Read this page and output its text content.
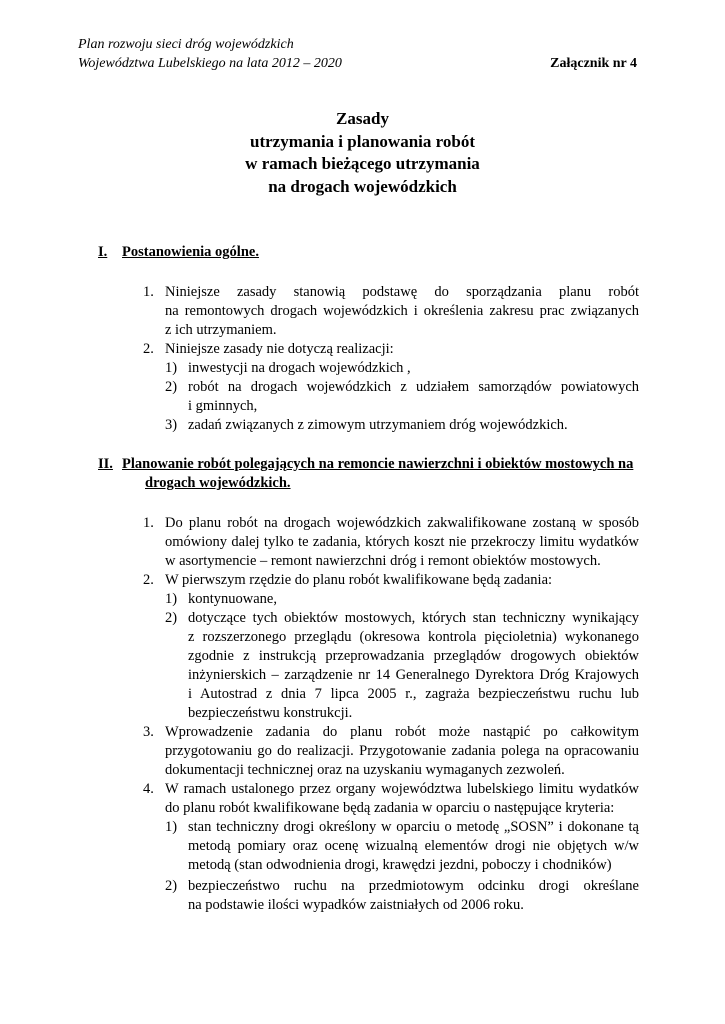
Plan rozwoju sieci dróg wojewódzkich
Województwa Lubelskiego na lata 2012 – 2020	Załącznik nr 4
Zasady
utrzymania i planowania robót
w ramach bieżącego utrzymania
na drogach wojewódzkich
I. Postanowienia ogólne.
1. Niniejsze zasady stanowią podstawę do sporządzania planu robót
na remontowych drogach wojewódzkich i określenia zakresu prac związanych
z ich utrzymaniem.
2. Niniejsze zasady nie dotyczą realizacji:
1) inwestycji na drogach wojewódzkich ,
2) robót na drogach wojewódzkich z udziałem samorządów powiatowych
i gminnych,
3) zadań związanych z zimowym utrzymaniem dróg wojewódzkich.
II. Planowanie robót polegających na remoncie nawierzchni i obiektów mostowych na
drogach wojewódzkich.
1. Do planu robót na drogach wojewódzkich zakwalifikowane zostaną w sposób
omówiony dalej tylko te zadania, których koszt nie przekroczy limitu wydatków
w asortymencie – remont nawierzchni dróg i remont obiektów mostowych.
2. W pierwszym rzędzie do planu robót kwalifikowane będą zadania:
1) kontynuowane,
2) dotyczące tych obiektów mostowych, których stan techniczny wynikający
z rozszerzonego przeglądu (okresowa kontrola pięcioletnia) wykonanego
zgodnie z instrukcją przeprowadzania przeglądów drogowych obiektów
inżynierskich – zarządzenie nr 14 Generalnego Dyrektora Dróg Krajowych
i Autostrad z dnia 7 lipca 2005 r., zagraża bezpieczeństwu ruchu lub
bezpieczeństwu konstrukcji.
3. Wprowadzenie zadania do planu robót może nastąpić po całkowitym
przygotowaniu go do realizacji. Przygotowanie zadania polega na opracowaniu
dokumentacji technicznej oraz na uzyskaniu wymaganych zezwoleń.
4. W ramach ustalonego przez organy województwa lubelskiego limitu wydatków
do planu robót kwalifikowane będą zadania w oparciu o następujące kryteria:
1) stan techniczny drogi określony w oparciu o metodę „SOSN” i dokonane tą
metodą pomiary oraz ocenę wizualną elementów drogi nie objętych w/w
metodą (stan odwodnienia drogi, krawędzi jezdni, poboczy i chodników)
2) bezpieczeństwo ruchu na przedmiotowym odcinku drogi określane
na podstawie ilości wypadków zaistniałych od 2006 roku.
